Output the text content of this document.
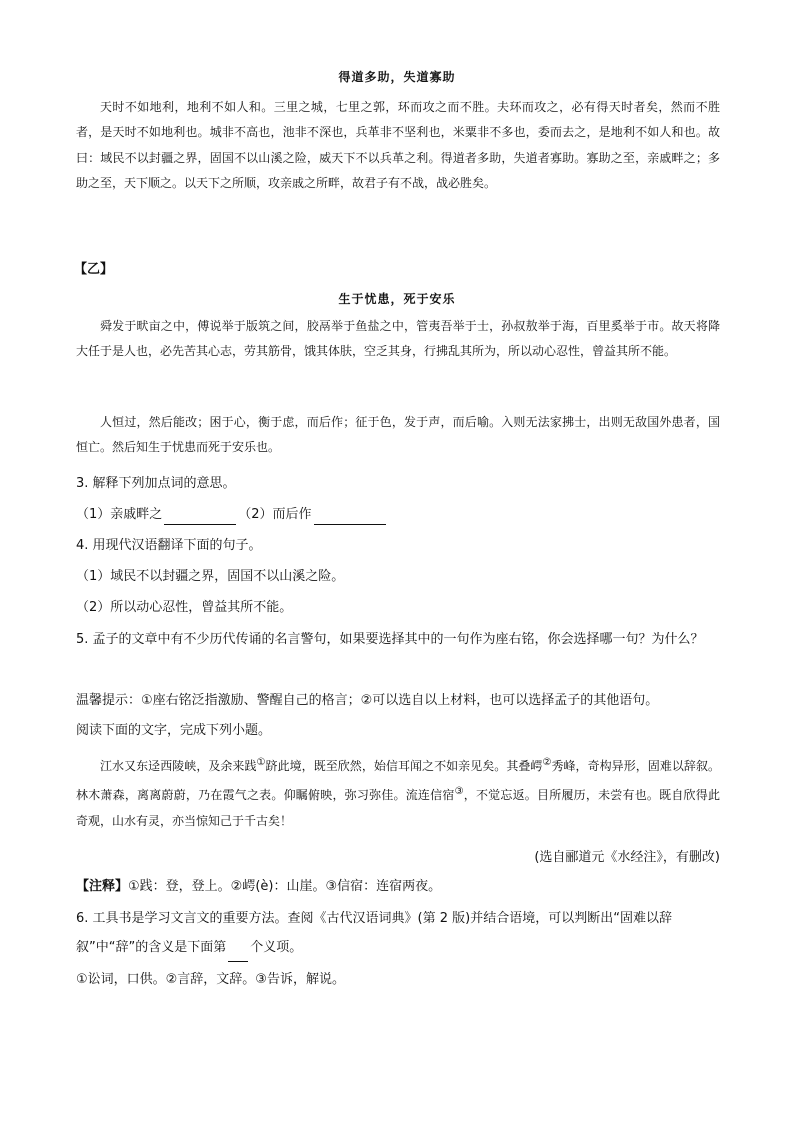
得道多助，失道寡助

天时不如地利，地利不如人和。三里之城，七里之郭，环而攻之而不胜。夫环而攻之，必有得天时者矣，然而不胜者，是天时不如地利也。城非不高也，池非不深也，兵革非不坚利也，米粟非不多也，委而去之，是地利不如人和也。故曰：域民不以封疆之界，固国不以山溪之险，威天下不以兵革之利。得道者多助，失道者寡助。寡助之至，亲戚畔之；多助之至，天下顺之。以天下之所顺，攻亲戚之所畔，故君子有不战，战必胜矣。

【乙】
生于忧患，死于安乐

舜发于畎亩之中，傅说举于版筑之间，胶鬲举于鱼盐之中，管夷吾举于士，孙叔敖举于海，百里奚举于市。故天将降大任于是人也，必先苦其心志，劳其筋骨，饿其体肤，空乏其身，行拂乱其所为，所以动心忍性，曾益其所不能。

人恒过，然后能改；困于心，衡于虑，而后作；征于色，发于声，而后喻。入则无法家拂士，出则无敌国外患者，国恒亡。然后知生于忧患而死于安乐也。

3. 解释下列加点词的意思。
（1）亲戚畔之	（2）而后作
4. 用现代汉语翻译下面的句子。
（1）域民不以封疆之界，固国不以山溪之险。
（2）所以动心忍性，曾益其所不能。

5. 孟子的文章中有不少历代传诵的名言警句，如果要选择其中的一句作为座右铭，你会选择哪一句？为什么？

温馨提示：①座右铭泛指激励、警醒自己的格言；②可以选自以上材料，也可以选择孟子的其他语句。
阅读下面的文字，完成下列小题。

江水又东迳西陵峡，及余来践①跻此境，既至欣然，始信耳闻之不如亲见矣。其叠崿②秀峰，奇构异形，固难以辞叙。林木萧森，离离蔚蔚，乃在霞气之表。仰瞩俯映，弥习弥佳。流连信宿③，不觉忘返。目所履历，未尝有也。既自欣得此奇观，山水有灵，亦当惊知己于千古矣！

(选自郦道元《水经注》，有删改)
【注释】①践：登，登上。②崿(è)：山崖。③信宿：连宿两夜。

6. 工具书是学习文言文的重要方法。查阅《古代汉语词典》(第 2 版)并结合语境，可以判断出“固难以辞叙”中“辞”的含义是下面第 个义项。

①讼词，口供。②言辞，文辞。③告诉，解说。
